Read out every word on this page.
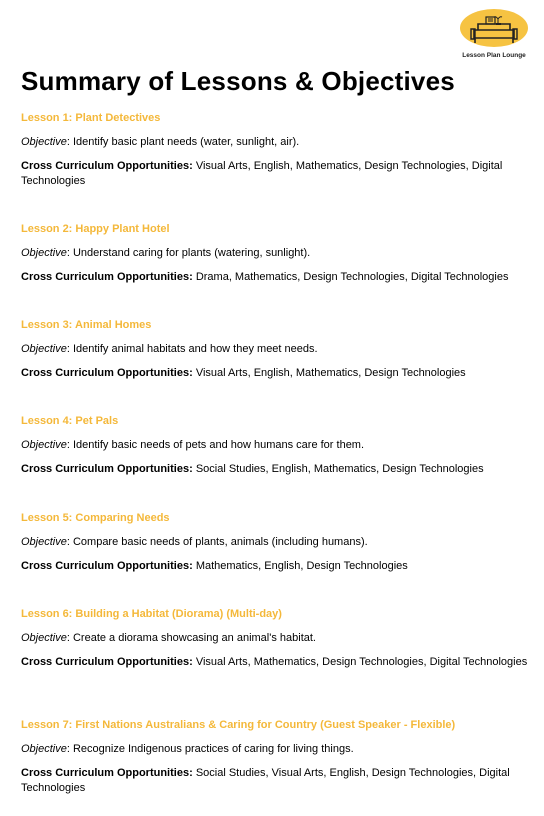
Lesson Plan Lounge
Summary of Lessons & Objectives
Lesson 1: Plant Detectives
Objective: Identify basic plant needs (water, sunlight, air).
Cross Curriculum Opportunities: Visual Arts, English, Mathematics, Design Technologies, Digital Technologies
Lesson 2: Happy Plant Hotel
Objective: Understand caring for plants (watering, sunlight).
Cross Curriculum Opportunities: Drama, Mathematics, Design Technologies, Digital Technologies
Lesson 3: Animal Homes
Objective: Identify animal habitats and how they meet needs.
Cross Curriculum Opportunities: Visual Arts, English, Mathematics, Design Technologies
Lesson 4: Pet Pals
Objective: Identify basic needs of pets and how humans care for them.
Cross Curriculum Opportunities: Social Studies, English, Mathematics, Design Technologies
Lesson 5: Comparing Needs
Objective: Compare basic needs of plants, animals (including humans).
Cross Curriculum Opportunities: Mathematics, English, Design Technologies
Lesson 6: Building a Habitat (Diorama) (Multi-day)
Objective: Create a diorama showcasing an animal's habitat.
Cross Curriculum Opportunities: Visual Arts, Mathematics, Design Technologies, Digital Technologies
Lesson 7: First Nations Australians & Caring for Country (Guest Speaker - Flexible)
Objective: Recognize Indigenous practices of caring for living things.
Cross Curriculum Opportunities: Social Studies, Visual Arts, English, Design Technologies, Digital Technologies
